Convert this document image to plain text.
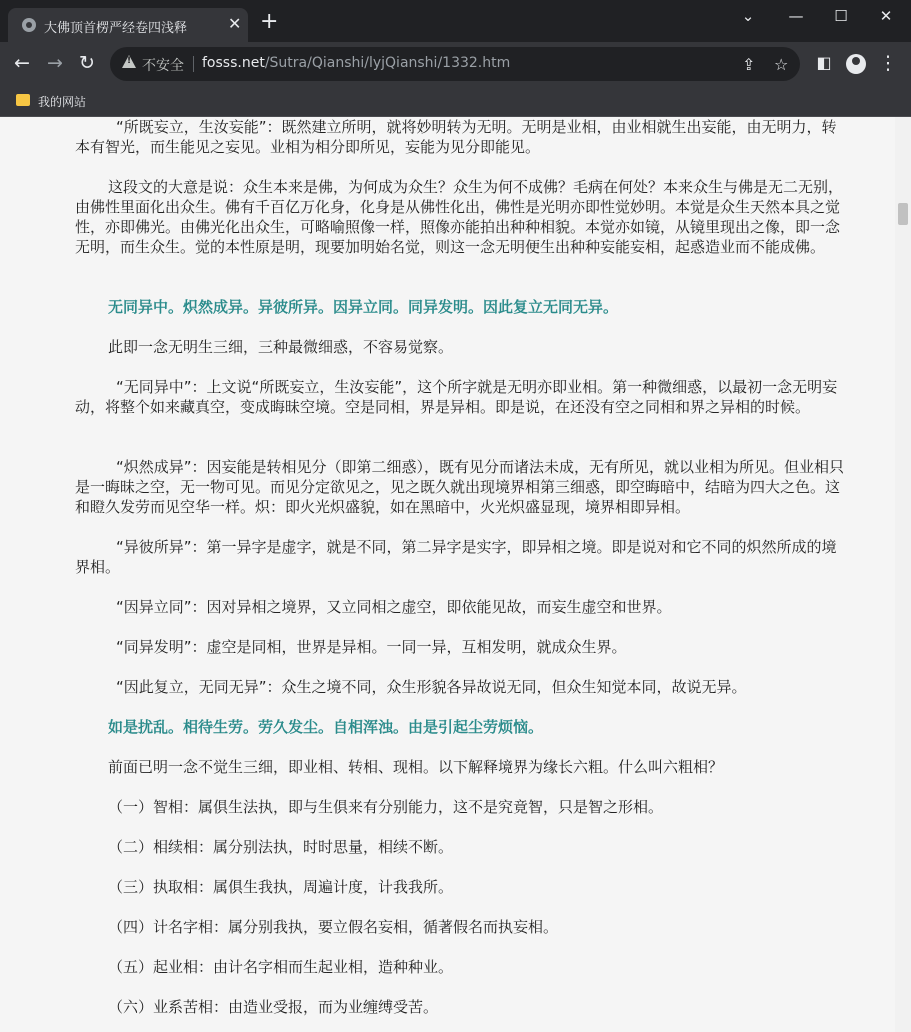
大佛顶首楞严经卷四浅释	✕ +	⌄ — ☐ ✕
← → ↻
!	不安全 fosss.net/Sutra/Qianshi/lyjQianshi/1332.htm	⇪ ☆ ◧ ⋮
我的网站
“所既妄立，生汝妄能”：既然建立所明，就将妙明转为无明。无明是业相，由业相就生出妄能，由无明力，转本有智光，而生能见之妄见。业相为相分即所见，妄能为见分即能见。
这段文的大意是说：众生本来是佛，为何成为众生？众生为何不成佛？毛病在何处？本来众生与佛是无二无别，由佛性里面化出众生。佛有千百亿万化身，化身是从佛性化出，佛性是光明亦即性觉妙明。本觉是众生天然本具之觉性，亦即佛光。由佛光化出众生，可略喻照像一样，照像亦能拍出种种相貌。本觉亦如镜，从镜里现出之像，即一念无明，而生众生。觉的本性原是明，现要加明始名觉，则这一念无明便生出种种妄能妄相，起惑造业而不能成佛。
无同异中。炽然成异。异彼所异。因异立同。同异发明。因此复立无同无异。
此即一念无明生三细，三种最微细惑，不容易觉察。
“无同异中”：上文说“所既妄立，生汝妄能”，这个所字就是无明亦即业相。第一种微细惑，以最初一念无明妄动，将整个如来藏真空，变成晦昧空境。空是同相，界是异相。即是说，在还没有空之同相和界之异相的时候。
“炽然成异”：因妄能是转相见分（即第二细惑），既有见分而诸法未成，无有所见，就以业相为所见。但业相只是一晦昧之空，无一物可见。而见分定欲见之，见之既久就出现境界相第三细惑，即空晦暗中，结暗为四大之色。这和瞪久发劳而见空华一样。炽：即火光炽盛貌，如在黑暗中，火光炽盛显现，境界相即异相。
“异彼所异”：第一异字是虚字，就是不同，第二异字是实字，即异相之境。即是说对和它不同的炽然所成的境界相。
“因异立同”：因对异相之境界，又立同相之虚空，即依能见故，而妄生虚空和世界。
“同异发明”：虚空是同相，世界是异相。一同一异，互相发明，就成众生界。
“因此复立，无同无异”：众生之境不同，众生形貌各异故说无同，但众生知觉本同，故说无异。
如是扰乱。相待生劳。劳久发尘。自相浑浊。由是引起尘劳烦恼。
前面已明一念不觉生三细，即业相、转相、现相。以下解释境界为缘长六粗。什么叫六粗相？
（一）智相：属俱生法执，即与生俱来有分别能力，这不是究竟智，只是智之形相。
（二）相续相：属分别法执，时时思量，相续不断。
（三）执取相：属俱生我执，周遍计度，计我我所。
（四）计名字相：属分别我执，要立假名妄相，循著假名而执妄相。
（五）起业相：由计名字相而生起业相，造种种业。
（六）业系苦相：由造业受报，而为业缠缚受苦。
